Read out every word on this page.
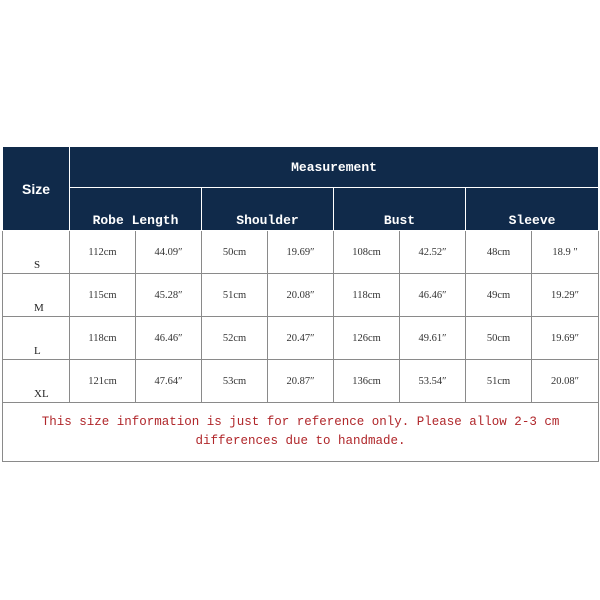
Size	Measurement							
	Robe Length		Shoulder		Bust		Sleeve	
S	112cm	44.09″	50cm	19.69″	108cm	42.52″	48cm	18.9 ″
M	115cm	45.28″	51cm	20.08″	118cm	46.46″	49cm	19.29″
L	118cm	46.46″	52cm	20.47″	126cm	49.61″	50cm	19.69″
XL	121cm	47.64″	53cm	20.87″	136cm	53.54″	51cm	20.08″
This size information is just for reference only. Please allow 2-3 cm differences due to handmade.								
